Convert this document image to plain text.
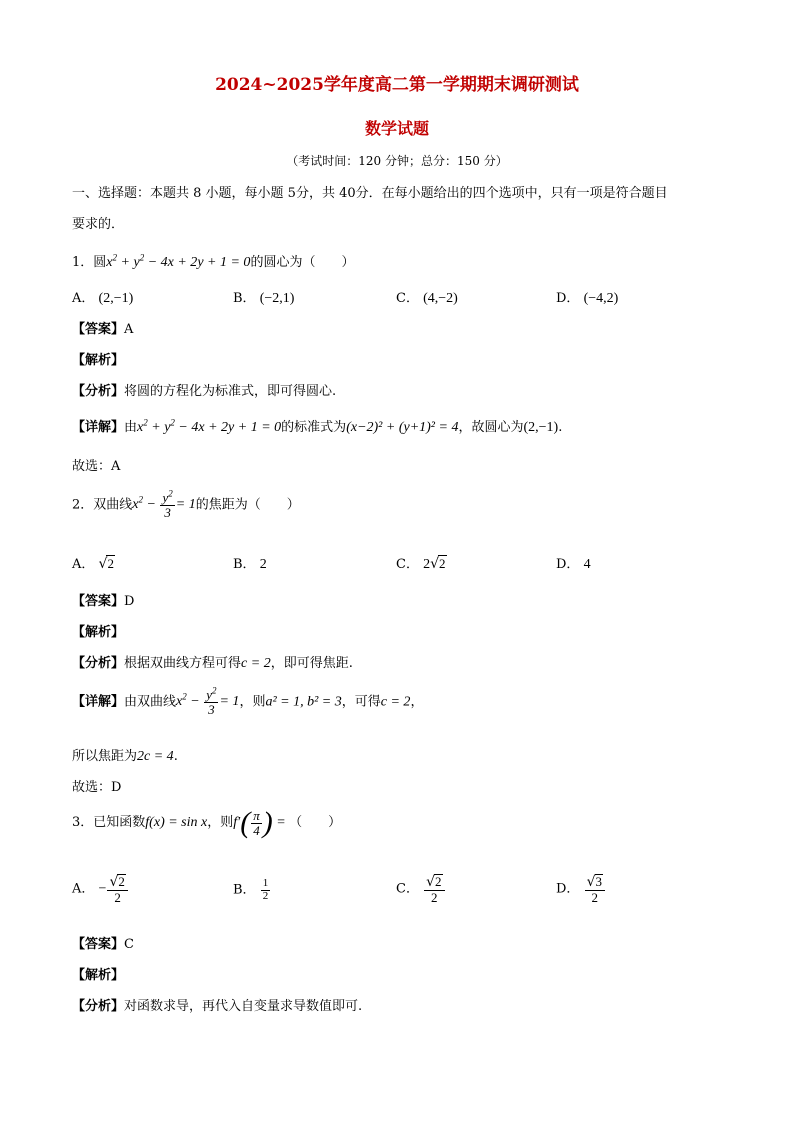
2024~2025学年度高二第一学期期末调研测试
数学试题
（考试时间：120 分钟；总分：150 分）
一、选择题：本题共 8 小题，每小题 5分，共 40分．在每小题给出的四个选项中，只有一项是符合题目
要求的．
1．圆$x^2 + y^2 - 4x + 2y + 1 = 0$的圆心为（　　）
A． (2,−1)	B． (−2,1)	C． (4,−2)	D． (−4,2)
【答案】A
【解析】
【分析】将圆的方程化为标准式，即可得圆心.
【详解】由$x^2 + y^2 - 4x + 2y + 1 = 0$的标准式为(x−2)² + (y+1)² = 4，故圆心为(2,−1).
故选：A
2．双曲线$x^2 - \frac{y^2}{3} = 1$的焦距为（　　）
A． √2	B． 2	C． 2√2	D． 4
【答案】D
【解析】
【分析】根据双曲线方程可得c = 2，即可得焦距.
【详解】由双曲线$x^2 - \frac{y^2}{3} = 1$，则a² = 1, b² = 3，可得c = 2，
所以焦距为2c = 4.
故选：D
3．已知函数f(x) = sin x，则$f'( \frac{\pi}{4}$ ) = （　　）
A． − $\frac{√2}{2}$	B． $\frac{1}{2}$	C． $\frac{√2}{2}$	D． $\frac{√3}{2}$
【答案】C
【解析】
【分析】对函数求导，再代入自变量求导数值即可.
